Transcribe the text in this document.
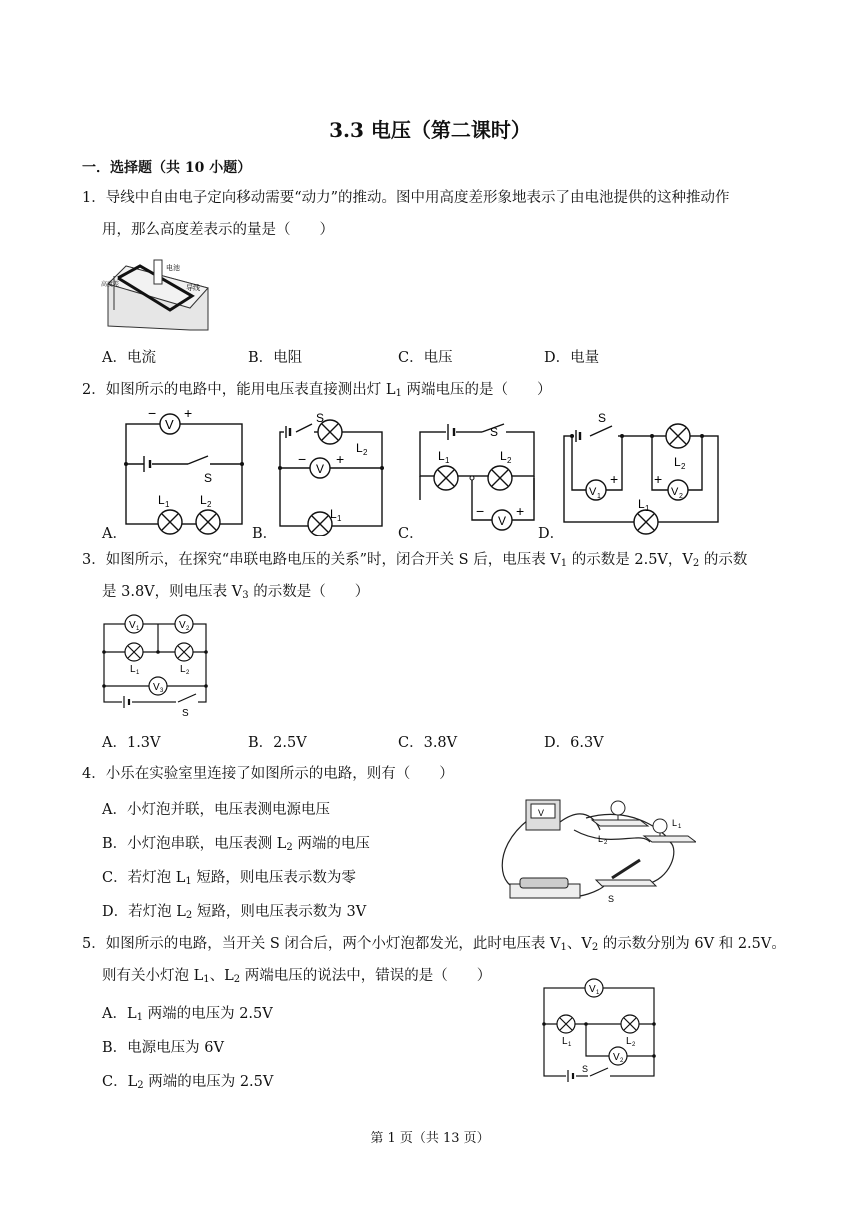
3.3 电压（第二课时）
一．选择题（共 10 小题）
1．导线中自由电子定向移动需要“动力”的推动。图中用高度差形象地表示了由电池提供的这种推动作
用，那么高度差表示的量是（　　）
高度差
电池
导线
A．电流	B．电阻	C．电压	D．电量
2．如图所示的电路中，能用电压表直接测出灯 $L_1$ 两端电压的是（　　）
A．
V
− +
S
L 1	L 2
B．
V
− +
S
L 2
L 1
C．
S
V
− +
L 1	L 2
D．
S
V 1	V 2
+	+
L 2
L 1
3．如图所示，在探究“串联电路电压的关系”时，闭合开关 S 后，电压表 $V_1$ 的示数是 2.5V，$V_2$ 的示数
是 3.8V，则电压表 $V_3$ 的示数是（　　）
V 1	V 2
V 3
L 1	L 2
S
A．1.3V	B．2.5V	C．3.8V	D．6.3V
4．小乐在实验室里连接了如图所示的电路，则有（　　）
A．小灯泡并联，电压表测电源电压
B．小灯泡串联，电压表测 $L_2$ 两端的电压
C．若灯泡 $L_1$ 短路，则电压表示数为零
D．若灯泡 $L_2$ 短路，则电压表示数为 3V
V
L 2
L 1
S
5．如图所示的电路，当开关 S 闭合后，两个小灯泡都发光，此时电压表 $V_1$、$V_2$ 的示数分别为 6V 和 2.5V。
则有关小灯泡 $L_1$、$L_2$ 两端电压的说法中，错误的是（　　）
A．$L_1$ 两端的电压为 2.5V
B．电源电压为 6V
C．$L_2$ 两端的电压为 2.5V
V 1
V 2
L 1	L 2
S
第 1 页（共 13 页）
